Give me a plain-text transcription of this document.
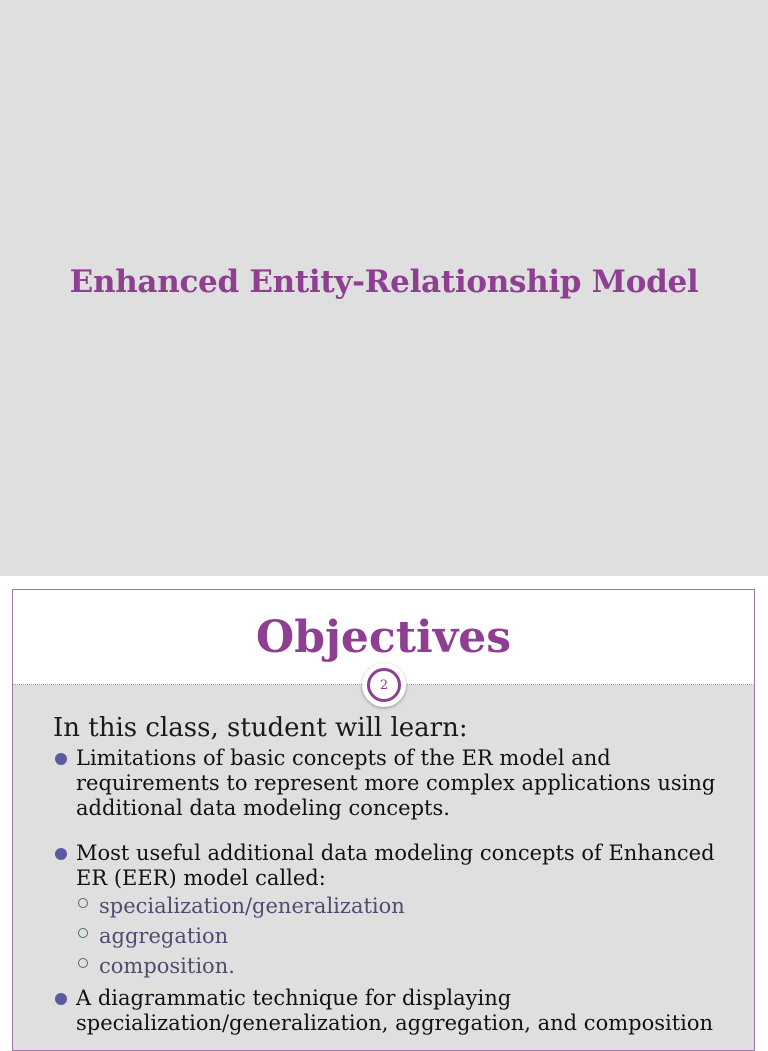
Enhanced Entity-Relationship Model
Objectives
2
In this class, student will learn:
Limitations of basic concepts of the ER model and requirements to represent more complex applications using additional data modeling concepts.
Most useful additional data modeling concepts of Enhanced ER (EER) model called:
specialization/generalization
aggregation
composition.
A diagrammatic technique for displaying specialization/generalization, aggregation, and composition
